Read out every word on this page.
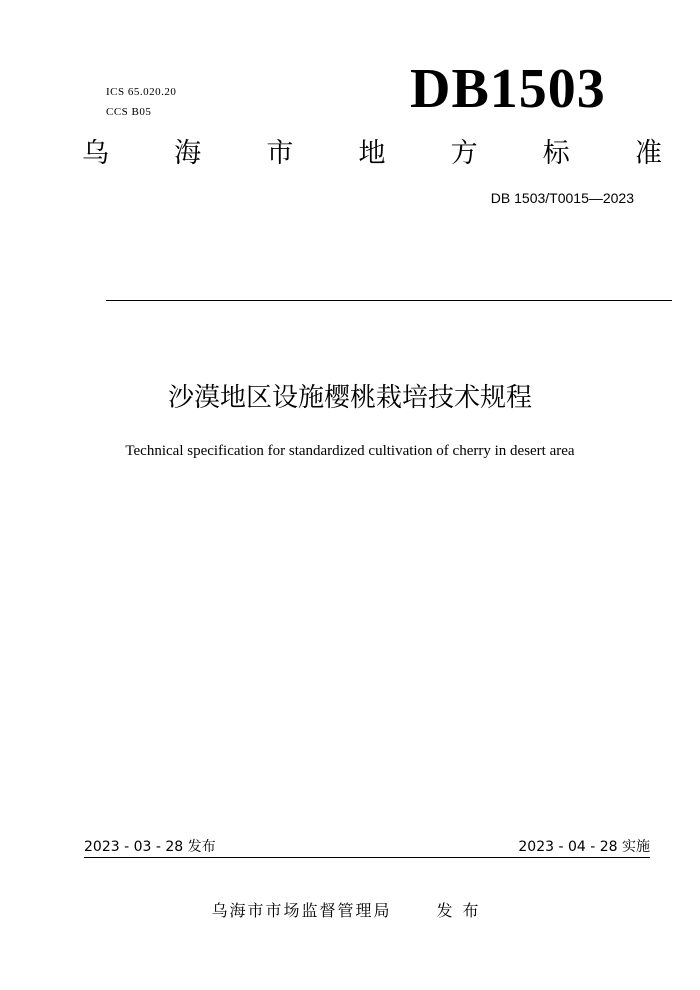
ICS 65.020.20
CCS B05	DB1503
乌 海 市 地 方 标 准
DB 1503/T0015—2023
沙漠地区设施樱桃栽培技术规程
Technical specification for standardized cultivation of cherry in desert area
2023 - 03 - 28 发布	2023 - 04 - 28 实施
乌海市市场监督管理局	发布
